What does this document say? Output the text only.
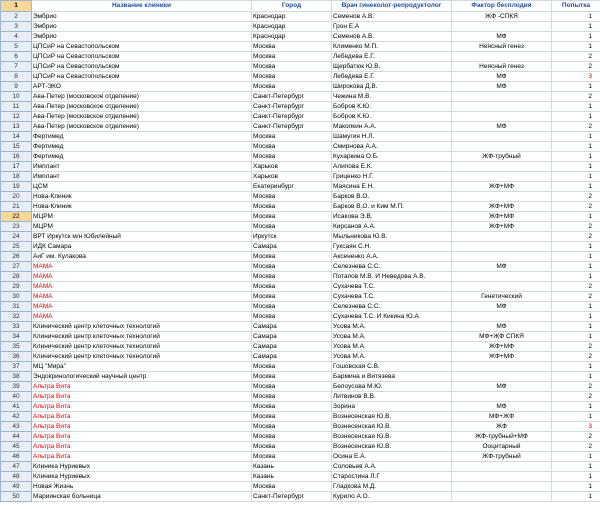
1	Название клиники	Город	Врач гинеколог-репродуктолог	Фактор бесплодия	Попытка
2	Эмбрио	Краснодар	Семенов А.В.	ЖФ -СПКЯ	1
3	Эмбрио	Краснодар	Грон Е.А		1
4	Эмбрио	Краснодар	Семенов А.В.	МФ	1
5	ЦПСиР на Севастопольском	Москва	Клименко М.П.	Неясный генез	1
6	ЦПСиР на Севастопольском	Москва	Лебедева Е.Г.		2
7	ЦПСиР на Севастопольском	Москва	Щербатюк Ю.В.	Неясный генез	2
8	ЦПСиР на Севастопольском	Москва	Лебедева Е.Г.	МФ	3
9	АРТ-ЭКО	Москва	Широкова Д.В.	МФ	1
10	Ава-Петер (московское отделение)	Санкт-Петербург	Чежина М.В.		2
11	Ава-Петер (московское отделение)	Санкт-Петербург	Бобров К.Ю.		1
12	Ава-Петер (московское отделение)	Санкт-Петербург	Бобров К.Ю.		1
13	Ава-Петер (московское отделение)	Санкт-Петербург	Маколкин А.А.	МФ	2
14	Фертимед	Москва	Шамугия Н.Л.		1
15	Фертимед	Москва	Смирнова А.А.		1
16	Фертимед	Москва	Кухаркина О.Б.	ЖФ-трубный	1
17	Имплант	Харьков	Алипова Е.К.		1
18	Имплант	Харьков	Гриценко Н.Г.		1
19	ЦСМ	Екатеринбург	Маясина Е.Н.	ЖФ+МФ	1
20	Нова-Клиник	Москва	Барков В.О.		2
21	Нова-Клиник	Москва	Барков В.О. и Ким М.П.	ЖФ+МФ	2
22	МЦРМ	Москва	Исакова Э.В.	ЖФ+МФ	1
23	МЦРМ	Москва	Кирсанов А.А.	ЖФ+МФ	2
24	ВРТ Иркутск м/н Юбилейный	Иркутск	Мыльникова Ю.В.		2
25	ИДК Самара	Самара	Гуксаян С.Н.		1
26	АиГ им. Кулакова	Москва	Аксененко А.А.		1
27	МАМА	Москва	Селезнева С.С.	МФ	1
28	МАМА	Москва	Потапов М.В. И Неведова А.В.		1
29	МАМА	Москва	Сухачева Т.С.		2
30	МАМА	Москва	Сухачева Т.С.	Генетический	2
31	МАМА	Москва	Селезнева С.С.	МФ	1
32	МАМА	Москва	Сухачева Т.С. И Кикина Ю.А.		1
33	Клинический центр клеточных технологий	Самара	Усова М.А.	МФ	1
34	Клинический центр клеточных технологий	Самара	Усова М.А.	МФ+ЖФ СПКЯ	1
35	Клинический центр клеточных технологий	Самара	Усова М.А.	ЖФ+МФ	2
36	Клинический центр клеточных технологий	Самара	Усова М.А.	ЖФ+МФ	2
37	МЦ "Мира"	Москва	Гошовская С.В.		1
38	Эндокринологический научный центр	Москва	Бармина и Витязева		1
39	Альтра Вита	Москва	Белоусова М.Ю.	МФ	2
40	Альтра Вита	Москва	Литвинов В.В.		2
41	Альтра Вита	Москва	Зорина	МФ	1
42	Альтра Вита	Москва	Вознесенская Ю.В.	МФ+ЖФ	1
43	Альтра Вита	Москва	Вознесенская Ю.В.	ЖФ	3
44	Альтра Вита	Москва	Вознесенская Ю.В.	ЖФ-трубный+МФ	2
45	Альтра Вита	Москва	Вознесенская Ю.В.	Ооцитарный	2
46	Альтра Вита	Москва	Осина Е.А.	ЖФ-трубный	1
47	Клиника Нуриевых	Казань	Соловьев А.А.		1
48	Клиника Нуриевых	Казань	Старостина Л.Г		1
49	Новая Жизнь	Москва	Гладкова М.Д.		1
50	Мариинская больница	Санкт-Петербург	Курило А.О.		1
